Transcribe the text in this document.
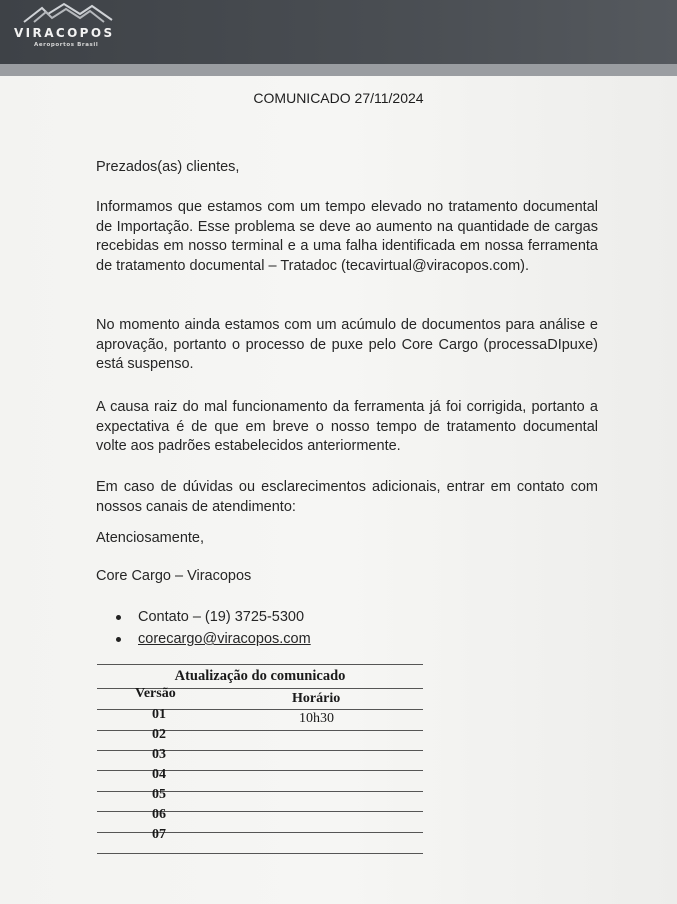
VIRACOPOS
Aeroportos Brasil
COMUNICADO 27/11/2024
Prezados(as) clientes,
Informamos que estamos com um tempo elevado no tratamento documental de Importação. Esse problema se deve ao aumento na quantidade de cargas recebidas em nosso terminal e a uma falha identificada em nossa ferramenta de tratamento documental – Tratadoc (tecavirtual@viracopos.com).
No momento ainda estamos com um acúmulo de documentos para análise e aprovação, portanto o processo de puxe pelo Core Cargo (processaDIpuxe) está suspenso.
A causa raiz do mal funcionamento da ferramenta já foi corrigida, portanto a expectativa é de que em breve o nosso tempo de tratamento documental volte aos padrões estabelecidos anteriormente.
Em caso de dúvidas ou esclarecimentos adicionais, entrar em contato com nossos canais de atendimento:
Atenciosamente,
Core Cargo – Viracopos
Contato – (19) 3725-5300
corecargo@viracopos.com
Atualização do comunicado
Versão	Horário
01	10h30
02
03
04
05
06
07
